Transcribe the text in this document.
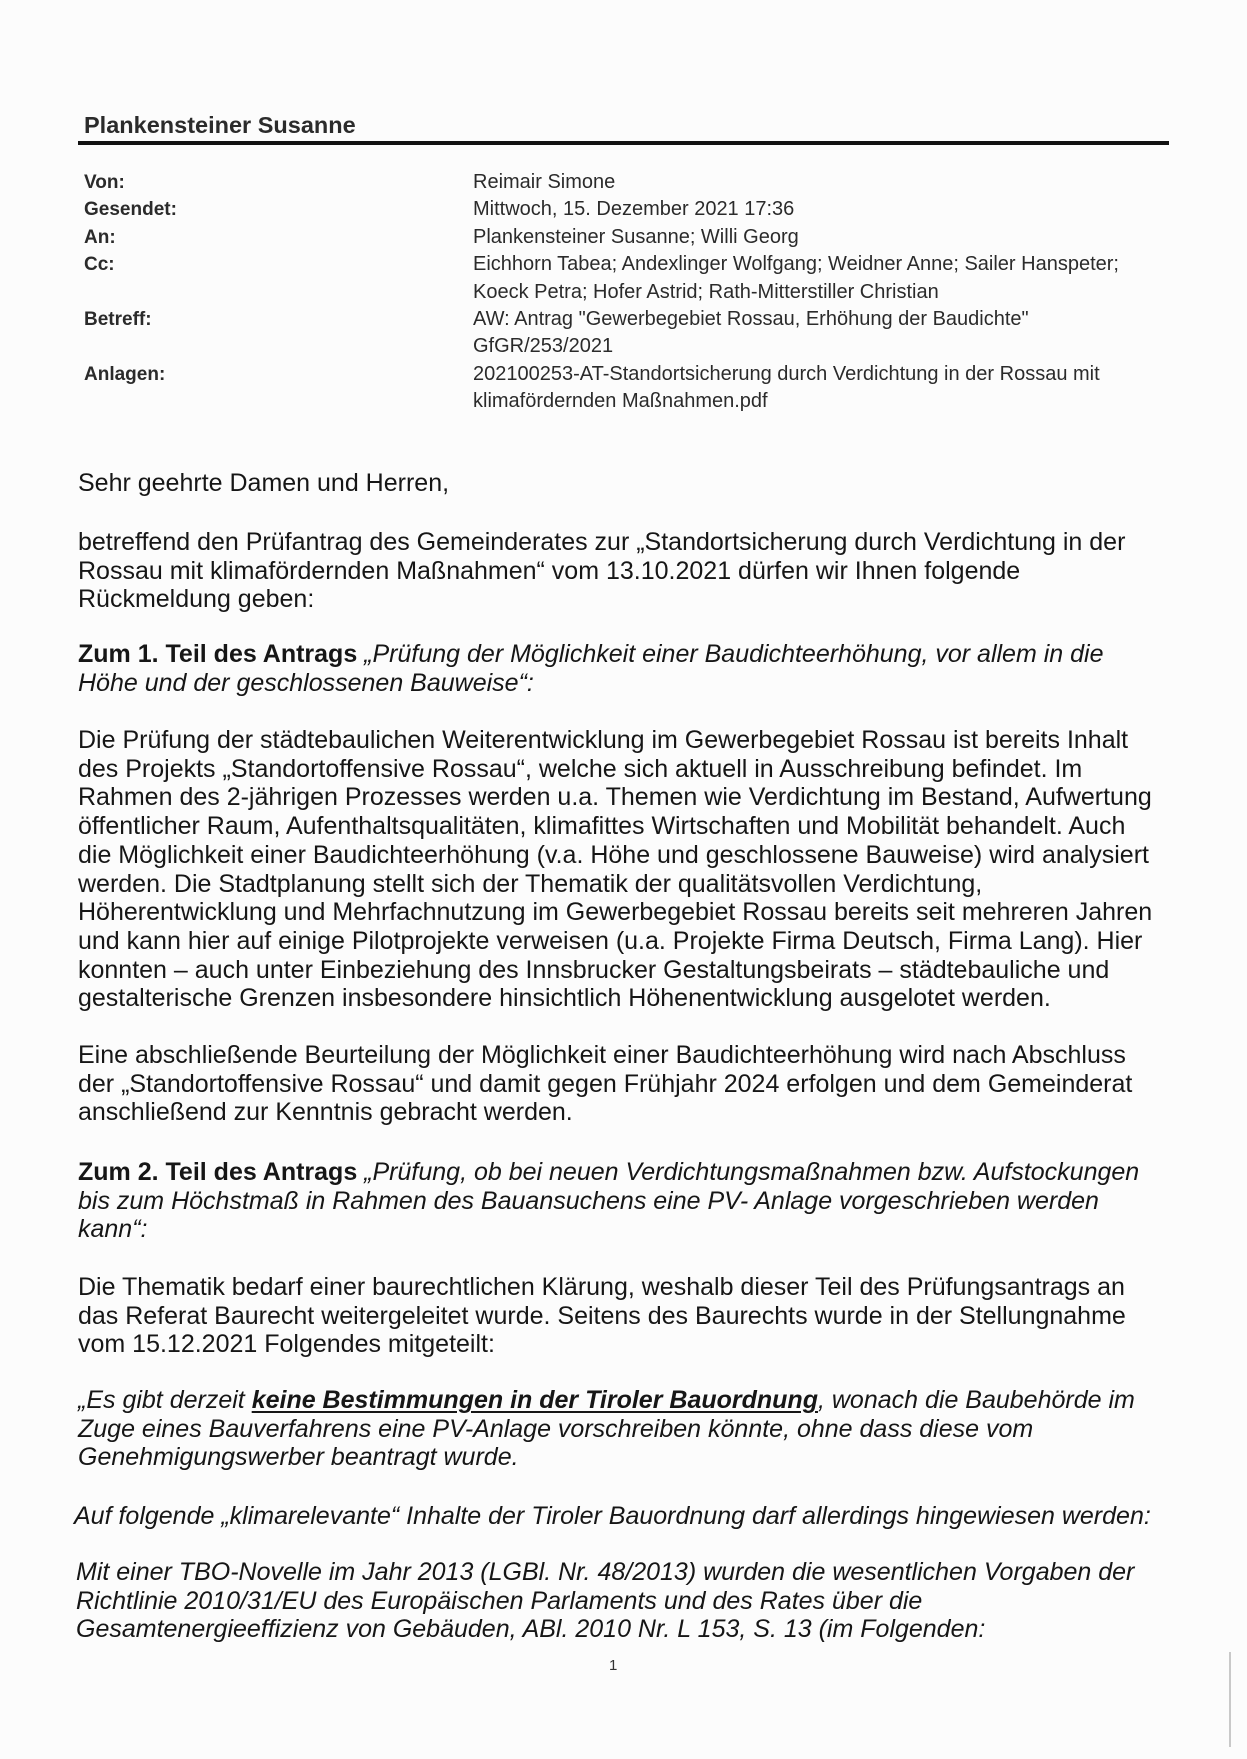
Plankensteiner Susanne
Von:	Reimair Simone
Gesendet:	Mittwoch, 15. Dezember 2021 17:36
An:	Plankensteiner Susanne; Willi Georg
Cc:	Eichhorn Tabea; Andexlinger Wolfgang; Weidner Anne; Sailer Hanspeter;
Koeck Petra; Hofer Astrid; Rath-Mitterstiller Christian
Betreff:	AW: Antrag "Gewerbegebiet Rossau, Erhöhung der Baudichte"
GfGR/253/2021
Anlagen:	202100253-AT-Standortsicherung durch Verdichtung in der Rossau mit
klimafördernden Maßnahmen.pdf
Sehr geehrte Damen und Herren,
betreffend den Prüfantrag des Gemeinderates zur „Standortsicherung durch Verdichtung in der
Rossau mit klimafördernden Maßnahmen“ vom 13.10.2021 dürfen wir Ihnen folgende
Rückmeldung geben:
Zum 1. Teil des Antrags „Prüfung der Möglichkeit einer Baudichteerhöhung, vor allem in die
Höhe und der geschlossenen Bauweise“:
Die Prüfung der städtebaulichen Weiterentwicklung im Gewerbegebiet Rossau ist bereits Inhalt
des Projekts „Standortoffensive Rossau“, welche sich aktuell in Ausschreibung befindet. Im
Rahmen des 2-jährigen Prozesses werden u.a. Themen wie Verdichtung im Bestand, Aufwertung
öffentlicher Raum, Aufenthaltsqualitäten, klimafittes Wirtschaften und Mobilität behandelt. Auch
die Möglichkeit einer Baudichteerhöhung (v.a. Höhe und geschlossene Bauweise) wird analysiert
werden. Die Stadtplanung stellt sich der Thematik der qualitätsvollen Verdichtung,
Höherentwicklung und Mehrfachnutzung im Gewerbegebiet Rossau bereits seit mehreren Jahren
und kann hier auf einige Pilotprojekte verweisen (u.a. Projekte Firma Deutsch, Firma Lang). Hier
konnten – auch unter Einbeziehung des Innsbrucker Gestaltungsbeirats – städtebauliche und
gestalterische Grenzen insbesondere hinsichtlich Höhenentwicklung ausgelotet werden.
Eine abschließende Beurteilung der Möglichkeit einer Baudichteerhöhung wird nach Abschluss
der „Standortoffensive Rossau“ und damit gegen Frühjahr 2024 erfolgen und dem Gemeinderat
anschließend zur Kenntnis gebracht werden.
Zum 2. Teil des Antrags „Prüfung, ob bei neuen Verdichtungsmaßnahmen bzw. Aufstockungen
bis zum Höchstmaß in Rahmen des Bauansuchens eine PV- Anlage vorgeschrieben werden
kann“:
Die Thematik bedarf einer baurechtlichen Klärung, weshalb dieser Teil des Prüfungsantrags an
das Referat Baurecht weitergeleitet wurde. Seitens des Baurechts wurde in der Stellungnahme
vom 15.12.2021 Folgendes mitgeteilt:
„Es gibt derzeit keine Bestimmungen in der Tiroler Bauordnung, wonach die Baubehörde im
Zuge eines Bauverfahrens eine PV-Anlage vorschreiben könnte, ohne dass diese vom
Genehmigungswerber beantragt wurde.
Auf folgende „klimarelevante“ Inhalte der Tiroler Bauordnung darf allerdings hingewiesen werden:
Mit einer TBO-Novelle im Jahr 2013 (LGBl. Nr. 48/2013) wurden die wesentlichen Vorgaben der
Richtlinie 2010/31/EU des Europäischen Parlaments und des Rates über die
Gesamtenergieeffizienz von Gebäuden, ABl. 2010 Nr. L 153, S. 13 (im Folgenden:
1
